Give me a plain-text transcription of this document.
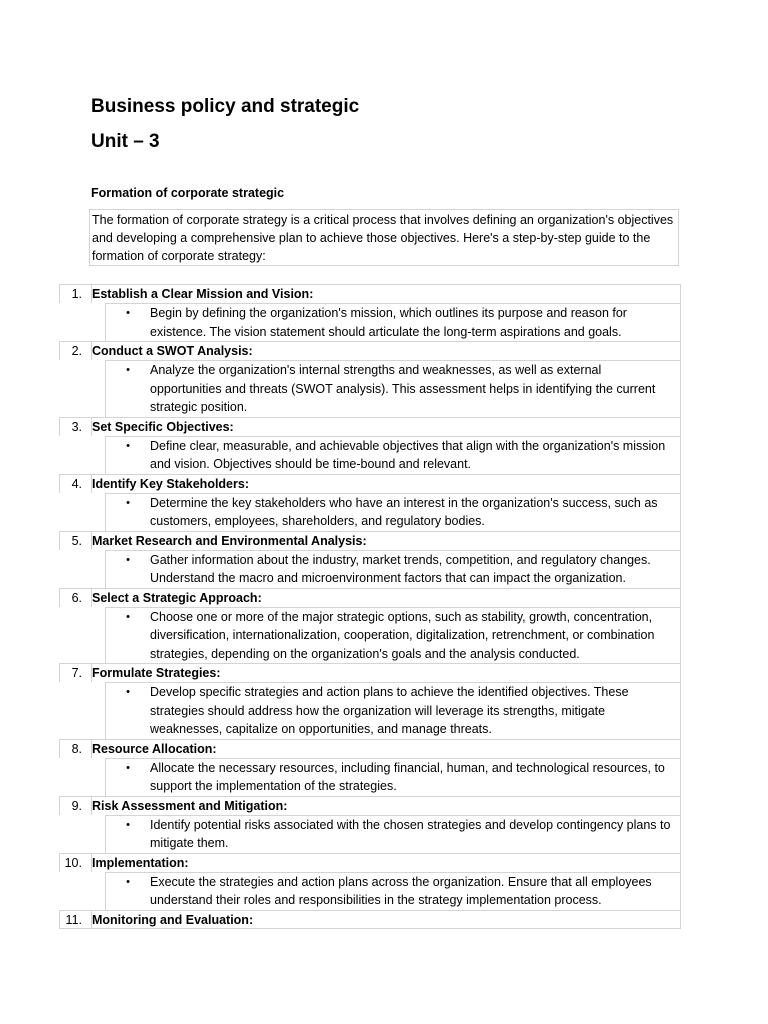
Business policy and strategic
Unit – 3
Formation of corporate strategic
The formation of corporate strategy is a critical process that involves defining an organization's objectives and developing a comprehensive plan to achieve those objectives. Here's a step-by-step guide to the formation of corporate strategy:
1. Establish a Clear Mission and Vision:
•	Begin by defining the organization's mission, which outlines its purpose and reason for existence. The vision statement should articulate the long-term aspirations and goals.
2. Conduct a SWOT Analysis:
•	Analyze the organization's internal strengths and weaknesses, as well as external opportunities and threats (SWOT analysis). This assessment helps in identifying the current strategic position.
3. Set Specific Objectives:
•	Define clear, measurable, and achievable objectives that align with the organization's mission and vision. Objectives should be time-bound and relevant.
4. Identify Key Stakeholders:
•	Determine the key stakeholders who have an interest in the organization's success, such as customers, employees, shareholders, and regulatory bodies.
5. Market Research and Environmental Analysis:
•	Gather information about the industry, market trends, competition, and regulatory changes. Understand the macro and microenvironment factors that can impact the organization.
6. Select a Strategic Approach:
•	Choose one or more of the major strategic options, such as stability, growth, concentration, diversification, internationalization, cooperation, digitalization, retrenchment, or combination strategies, depending on the organization's goals and the analysis conducted.
7. Formulate Strategies:
•	Develop specific strategies and action plans to achieve the identified objectives. These strategies should address how the organization will leverage its strengths, mitigate weaknesses, capitalize on opportunities, and manage threats.
8. Resource Allocation:
•	Allocate the necessary resources, including financial, human, and technological resources, to support the implementation of the strategies.
9. Risk Assessment and Mitigation:
•	Identify potential risks associated with the chosen strategies and develop contingency plans to mitigate them.
10. Implementation:
•	Execute the strategies and action plans across the organization. Ensure that all employees understand their roles and responsibilities in the strategy implementation process.
11. Monitoring and Evaluation:
